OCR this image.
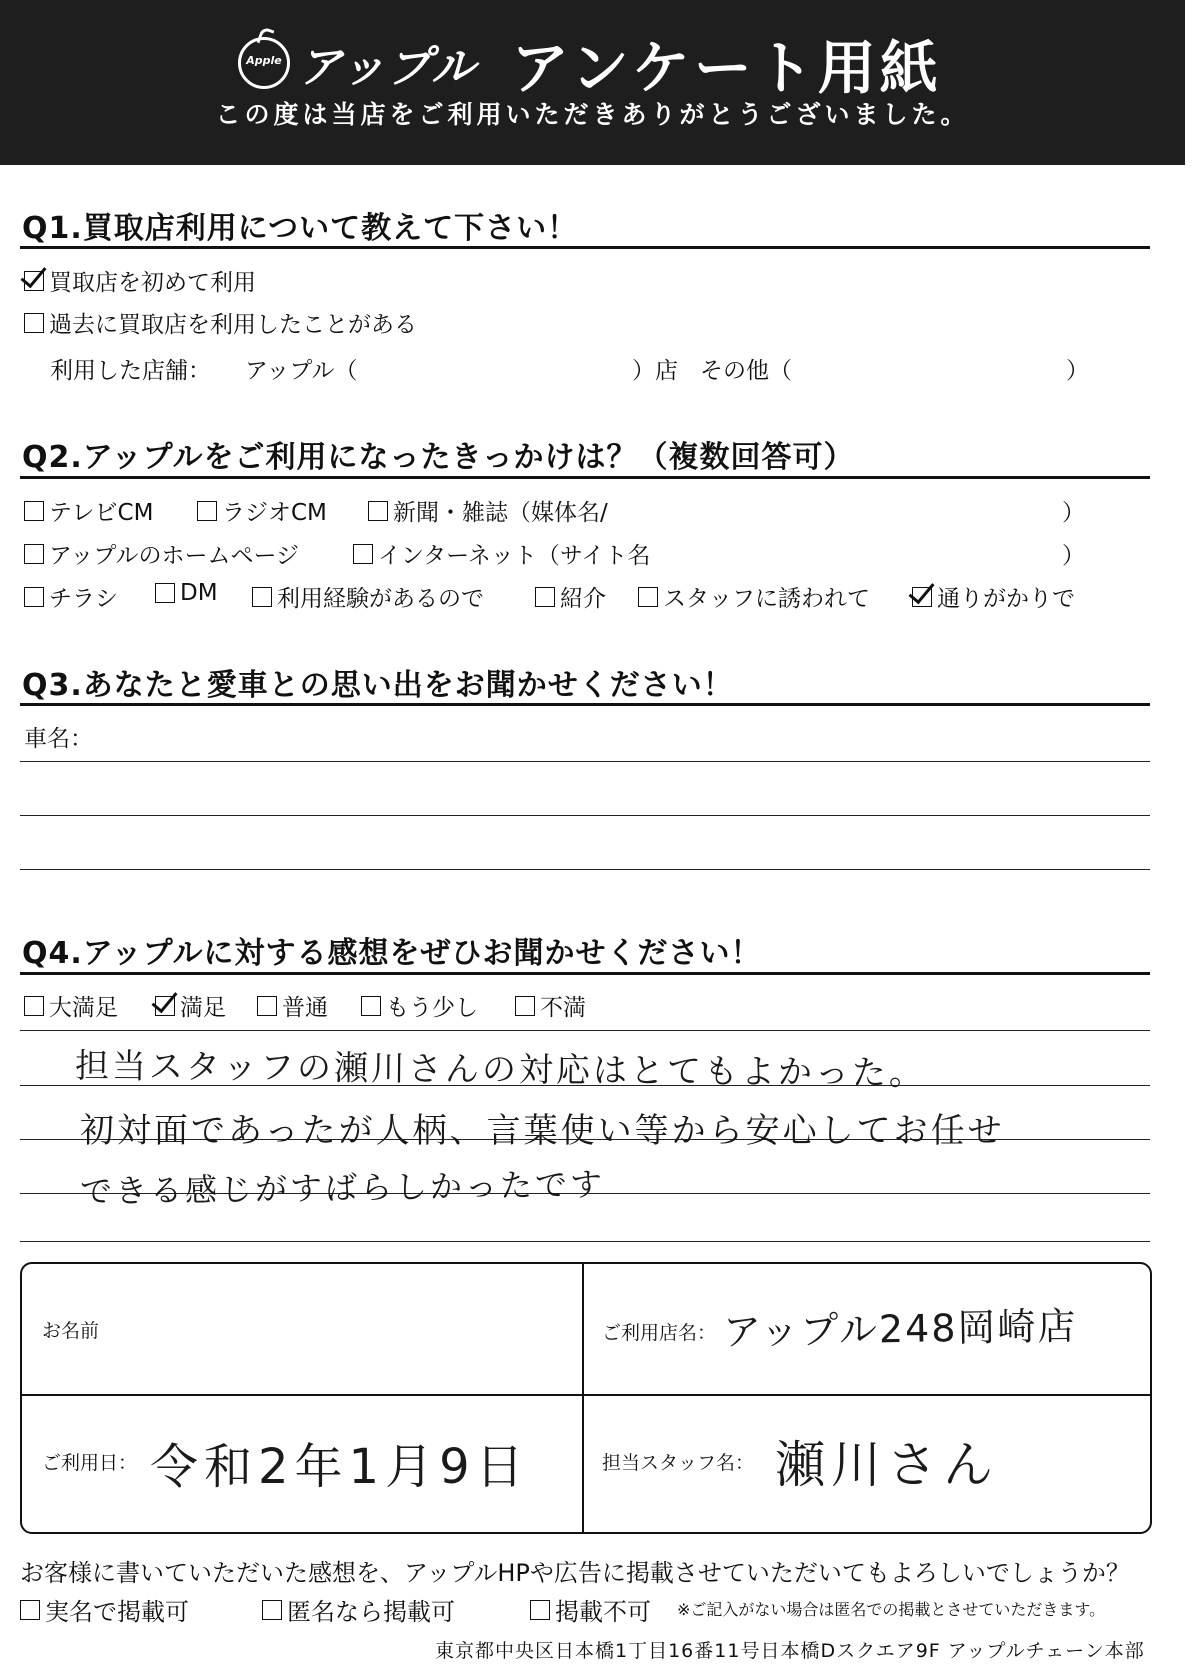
Apple アップル アンケート用紙
この度は当店をご利用いただきありがとうございました。
Q1.買取店利用について教えて下さい！
買取店を初めて利用
過去に買取店を利用したことがある
利用した店舗： アップル（	）店 その他（	）
Q2.アップルをご利用になったきっかけは？（複数回答可）
テレビCM	ラジオCM	新聞・雑誌（媒体名/	）
アップルのホームページ	インターネット（サイト名	）
チラシ	DM	利用経験があるので	紹介 スタッフに誘われて	通りがかりで
Q3.あなたと愛車との思い出をお聞かせください！
車名：
Q4.アップルに対する感想をぜひお聞かせください！
大満足	満足 普通	もう少し	不満
担当スタッフの瀬川さんの対応はとてもよかった。
初対面であったが人柄、言葉使い等から安心してお任せ
できる感じがすばらしかったです
お名前	ご利用店名： アップル248岡崎店
ご利用日： 令和2年1月9日	担当スタッフ名： 瀬川さん
お客様に書いていただいた感想を、アップルHPや広告に掲載させていただいてもよろしいでしょうか？
実名で掲載可	匿名なら掲載可	掲載不可 ※ご記入がない場合は匿名での掲載とさせていただきます。
東京都中央区日本橋1丁目16番11号日本橋Dスクエア9F アップルチェーン本部
